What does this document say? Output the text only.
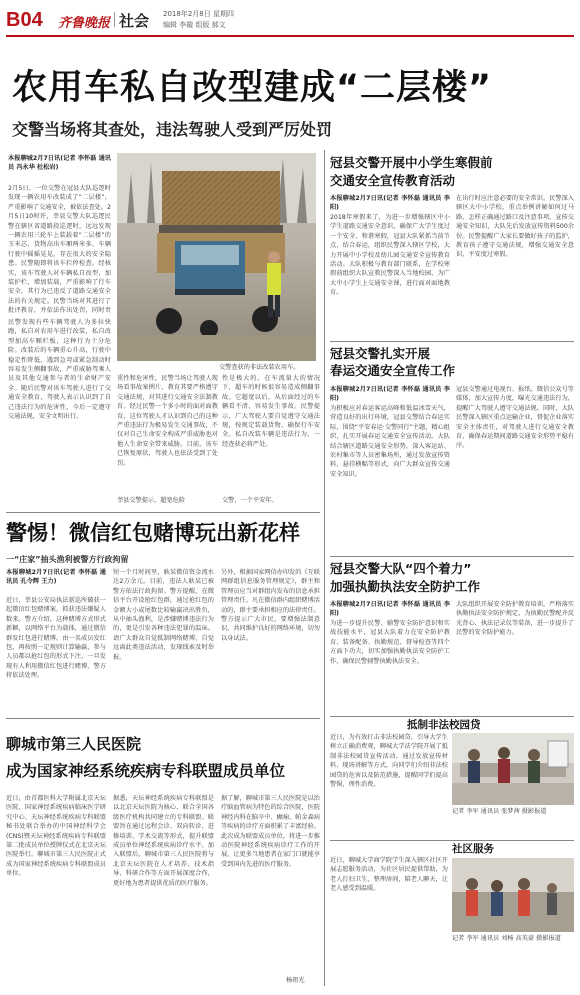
B04 齐鲁晚报 社会 2018年2月8日 星期四
编辑 李璇 组版 郝文
农用车私自改型建成“二层楼”
交警当场将其查处，违法驾驶人受到严厉处罚
本报聊城2月7日讯(记者 李怀磊 通讯员 冯永华 杜松岩)
2月5日，一位交警在冠县大队巡逻时发现一辆农用车改装成了“二层楼”，严重影响了交通安全，被依法查处。2月5日10时许，莘县交警大队巡逻民警在辖区省道路段巡逻时，远远发现一辆农用三轮车上装载着“二层楼”的玉米芯，货物高出车厢两米多，车辆行驶中摇摇晃晃，存在很大的安全隐患。民警随即将该车拦停检查。经核实，该车驾驶人对车辆私自改型，加装护栏，增加装载，严重影响了行车安全，其行为已违反了道路交通安全法的有关规定。民警当场对其进行了批评教育，并依法作出处罚，同时责
民警发现有些车辆驾驶人为多拉快跑，私自对农用车进行改装，私自改型加高车厢栏板，这种行为十分危险。改装后的车辆重心升高，行驶中稳定性降低，遇到急弯或紧急制动时容易发生侧翻事故，严重威胁驾乘人员及其他交通参与者的生命财产安全。随后民警对该车驾驶人进行了交通安全教育，驾驶人表示认识到了自己违法行为的危害性，今后一定遵守交通法规，安全文明出行。
交警查获的非法改装农用车。
重性和危害性，民警当场让驾驶人现场看事故案例片，教育其要严格遵守交通法规，对其进行交通安全法制教育。经过民警一个多小时的面对面教育，这位驾驶人才认识到自己的这种严重违法行为极易发生交通事故，不仅对自己生命安全构成严重威胁也对他人生命安全带来威胁。目前，该车已恢复原状，驾驶人也依法受到了处罚。
莘县交警提示，超宽危险
性是极大的。在车流量大的情况下，超车的时候很容易造成侧翻事故。它超宽以后，从后面经过的车辆看不清，容易发生事故。民警提示，广大驾驶人要自觉遵守交通法规，按规定装载货物，确保行车安全。私自改装车辆是违法行为，一经查获必将严处。
交警，一个平安年。
警惕！微信红包赌博玩出新花样
一“庄家”抽头渔利被警方行政拘留
本报聊城2月7日讯(记者 李怀磊 通讯员 孔令辉 王力)
近日，莘县公安局执法新巡所破获一起微信红包赌博案，抓获违法嫌疑人数来。警方介绍，这种赌博方式形式新颖，以网络平台为载体，通过微信群发红包进行赌博。由一名成员发红包，再按照一定规则计算输赢，参与人员都以抢红包的形式下注，一旦发现有人利用微信红包进行赌博，警方将依法处理。
短一个月时间里，耿某微信资金流水达2万余元。目前，违法人耿某已被警方依法行政拘留。警方提醒，在微信平台开设抢红包群，通过抢红包的金额大小或尾数比较输赢决出胜负，从中抽头渔利，是涉嫌赌博违法行为的，更是引发各种违法犯罪的温床。请广大群众自觉抵制网络赌博，自觉远离此类违法活动，发现线索及时举报。
另外，根据国家网信办印发的《互联网群组信息服务管理规定》，群主和管理员应当对群组内发布的信息承担管理责任。凡在微信群内组织赌博活动的，群主要承担相应的法律责任。警方提示广大市民，要增强法制意识，共同维护良好的网络环境，切勿以身试法。
聊城市第三人民医院
成为国家神经系统疾病专科联盟成员单位
近日，由首都医科大学附属北京天坛医院、国家神经系统疾病临床医学研究中心、天坛神经系统疾病专科联盟秘书处联合举办的中国神经科学会(CNS)暨天坛神经系统疾病专科联盟第二批成员单位授牌仪式在北京天坛医院举行。聊城市第三人民医院正式成为国家神经系统疾病专科联盟成员单位。
据悉，天坛神经系统疾病专科联盟是以北京天坛医院为核心，联合全国各级医疗机构共同建立的专科联盟。联盟旨在通过远程会诊、双向转诊、进修培训、学术交流等形式，提升联盟成员单位神经系统疾病诊疗水平。加入联盟后，聊城市第三人民医院将与北京天坛医院在人才培养、技术指导、科研合作等方面开展深度合作，更好地为患者提供优质的医疗服务。
据了解，聊城市第三人民医院是以治疗脑血管病为特色的综合医院，医院神经内科在脑卒中、癫痫、帕金森病等疾病的诊疗方面积累了丰富经验。此次成为联盟成员单位，将进一步推动医院神经系统疾病诊疗工作的开展，让更多当地患者在家门口就能享受到国内先进的医疗服务。
杨祖光
冠县交警开展中小学生寒假前
交通安全宣传教育活动
本报聊城2月7日讯(记者 李怀磊 通讯员 李阳)
2018年寒假来了，为进一步增强辖区中小学生道路交通安全意识，确保广大学生度过一个安全、和谐寒假，冠县大队紧抓当前节点，结合春运，组织民警深入辖区学校，大力开展中小学校及幼儿园交通安全宣传教育活动。大队积极与教育部门联系，在学校寒假前组织大队宣教民警深入当地校园，为广大中小学生上交通安全课，进行面对面地教育。
在出行时应注意必要的安全常识。民警深入辖区大中小学校，重点举例讲解如何过马路、怎样正确通过路口及注意事项，宣传交通安全知识，大队先后发放宣传资料500余份。民警提醒广大家长要做好孩子的监护，教育孩子遵守交通法规，增强交通安全意识，平安度过寒假。
冠县交警扎实开展
春运交通安全宣传工作
本报聊城2月7日讯(记者 李怀磊 通讯员 李阳)
为积极应对春运客运高峰和低温冰雪天气，营造良好的出行环境，冠县交警结合春运实际，围绕“平安春运·交警同行”主题，精心组织，扎实开展春运交通安全宣传活动。大队结合辖区道路交通安全形势，深入客运站、农村集市等人员密集场所，通过发放宣传资料、悬挂横幅等形式，向广大群众宣传交通安全知识。
冠县交警通过电视台、报纸、微信公众号等媒体，加大宣传力度，曝光交通违法行为，提醒广大驾驶人遵守交通法规。同时，大队民警深入辖区重点运输企业，督促企业落实安全主体责任，对驾驶人进行交通安全教育，确保春运期间道路交通安全形势平稳有序。
冠县交警大队“四个着力”
加强执勤执法安全防护工作
本报聊城2月7日讯(记者 李怀磊 通讯员 李阳)
为进一步提升民警、辅警安全防护意识和实战技能水平，冠县大队着力在安全防护教育、装备配备、执勤规范、督导检查等四个方面下功夫，切实加强执勤执法安全防护工作，确保民警辅警执勤执法安全。
大队组织开展安全防护教育培训，严格落实执勤执法安全防护规定，为执勤民警配齐反光背心、执法记录仪等装备，进一步提升了民警的安全防护能力。
抵制非法校园贷
近日，为有效打击非法校园贷，引导大学生树立正确消费观，聊城大学法学院开展了抵制非法校园贷宣传活动。通过发放宣传材料、现场讲解等方式，向同学们介绍非法校园贷的危害以及防范措施，提醒同学们提高警惕，理性消费。
记者 李军 通讯员 张梦茜 摄影报道
社区服务
近日，聊城大学商学院学生深入辖区社区开展志愿服务活动，为社区居民提供帮助，为老人打扫卫生、整理房间，陪老人聊天，让老人感受到温暖。
记者 李军 通讯员 刘杨 高英豪 摄影报道
